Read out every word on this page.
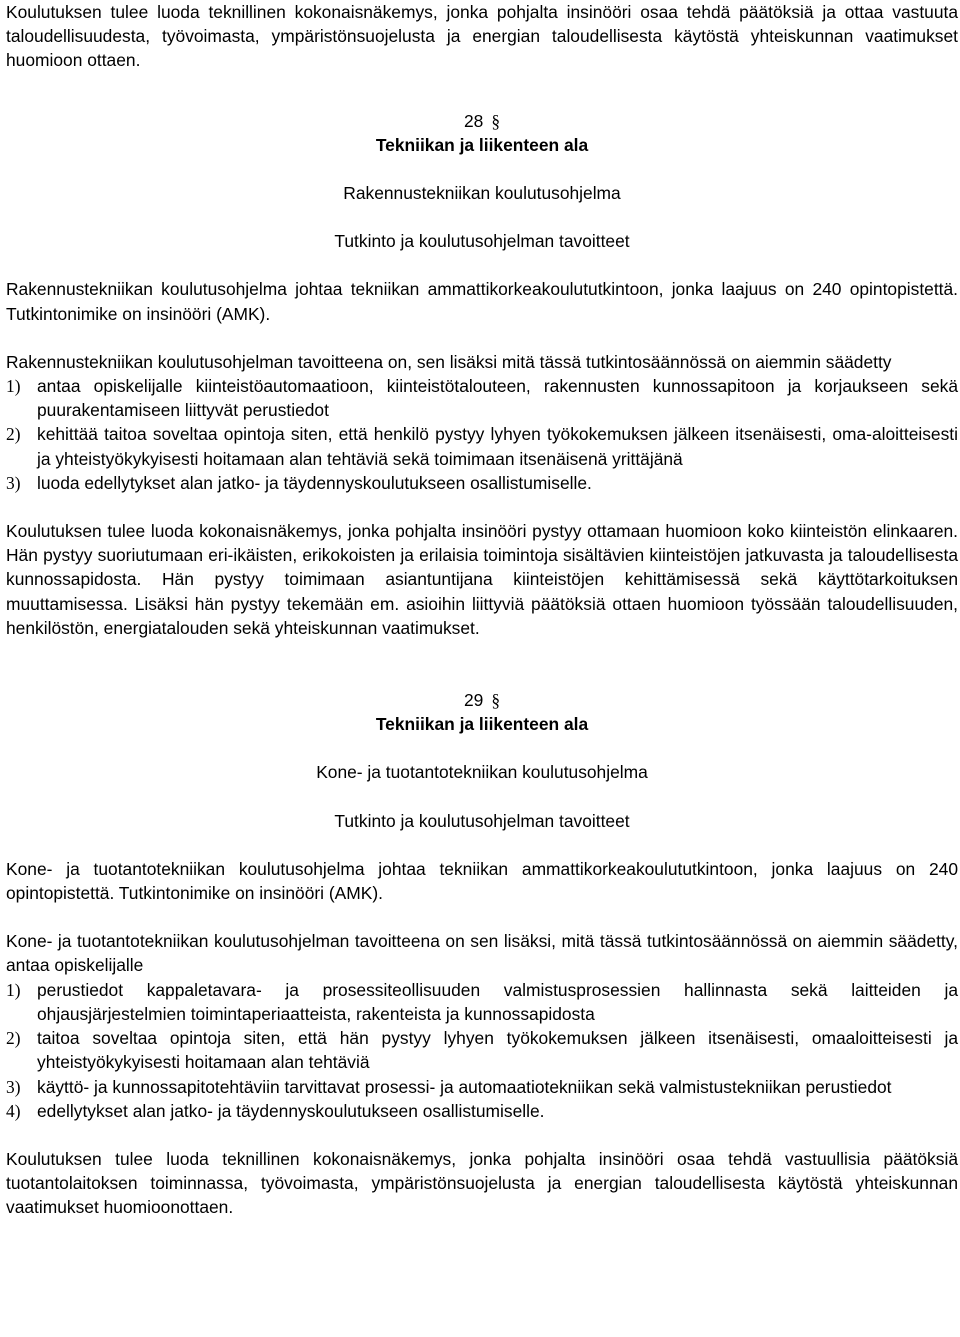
Koulutuksen tulee luoda teknillinen kokonaisnäkemys, jonka pohjalta insinööri osaa tehdä päätöksiä ja ottaa vastuuta taloudellisuudesta, työvoimasta, ympäristönsuojelusta ja energian taloudellisesta käytöstä yhteiskunnan vaatimukset huomioon ottaen.

28 §

Tekniikan ja liikenteen ala

Rakennustekniikan koulutusohjelma

Tutkinto ja koulutusohjelman tavoitteet

Rakennustekniikan koulutusohjelma johtaa tekniikan ammattikorkeakoulututkintoon, jonka laajuus on 240 opintopistettä. Tutkintonimike on insinööri (AMK).

Rakennustekniikan koulutusohjelman tavoitteena on, sen lisäksi mitä tässä tutkintosäännössä on aiemmin säädetty

1) antaa opiskelijalle kiinteistöautomaatioon, kiinteistötalouteen, rakennusten kunnossapitoon ja korjaukseen sekä puurakentamiseen liittyvät perustiedot
2) kehittää taitoa soveltaa opintoja siten, että henkilö pystyy lyhyen työkokemuksen jälkeen itsenäisesti, oma-aloitteisesti ja yhteistyökykyisesti hoitamaan alan tehtäviä sekä toimimaan itsenäisenä yrittäjänä
3) luoda edellytykset alan jatko- ja täydennyskoulutukseen osallistumiselle.

Koulutuksen tulee luoda kokonaisnäkemys, jonka pohjalta insinööri pystyy ottamaan huomioon koko kiinteistön elinkaaren. Hän pystyy suoriutumaan eri-ikäisten, erikokoisten ja erilaisia toimintoja sisältävien kiinteistöjen jatkuvasta ja taloudellisesta kunnossapidosta. Hän pystyy toimimaan asiantuntijana kiinteistöjen kehittämisessä sekä käyttötarkoituksen muuttamisessa. Lisäksi hän pystyy tekemään em. asioihin liittyviä päätöksiä ottaen huomioon työssään taloudellisuuden, henkilöstön, energiatalouden sekä yhteiskunnan vaatimukset.

29 §

Tekniikan ja liikenteen ala

Kone- ja tuotantotekniikan koulutusohjelma

Tutkinto ja koulutusohjelman tavoitteet

Kone- ja tuotantotekniikan koulutusohjelma johtaa tekniikan ammattikorkeakoulututkintoon, jonka laajuus on 240 opintopistettä. Tutkintonimike on insinööri (AMK).

Kone- ja tuotantotekniikan koulutusohjelman tavoitteena on sen lisäksi, mitä tässä tutkintosäännössä on aiemmin säädetty, antaa opiskelijalle

1) perustiedot kappaletavara- ja prosessiteollisuuden valmistusprosessien hallinnasta sekä laitteiden ja ohjausjärjestelmien toimintaperiaatteista, rakenteista ja kunnossapidosta
2) taitoa soveltaa opintoja siten, että hän pystyy lyhyen työkokemuksen jälkeen itsenäisesti, omaaloitteisesti ja yhteistyökykyisesti hoitamaan alan tehtäviä
3) käyttö- ja kunnossapitotehtäviin tarvittavat prosessi- ja automaatiotekniikan sekä valmistustekniikan perustiedot
4) edellytykset alan jatko- ja täydennyskoulutukseen osallistumiselle.

Koulutuksen tulee luoda teknillinen kokonaisnäkemys, jonka pohjalta insinööri osaa tehdä vastuullisia päätöksiä tuotantolaitoksen toiminnassa, työvoimasta, ympäristönsuojelusta ja energian taloudellisesta käytöstä yhteiskunnan vaatimukset huomioonottaen.
